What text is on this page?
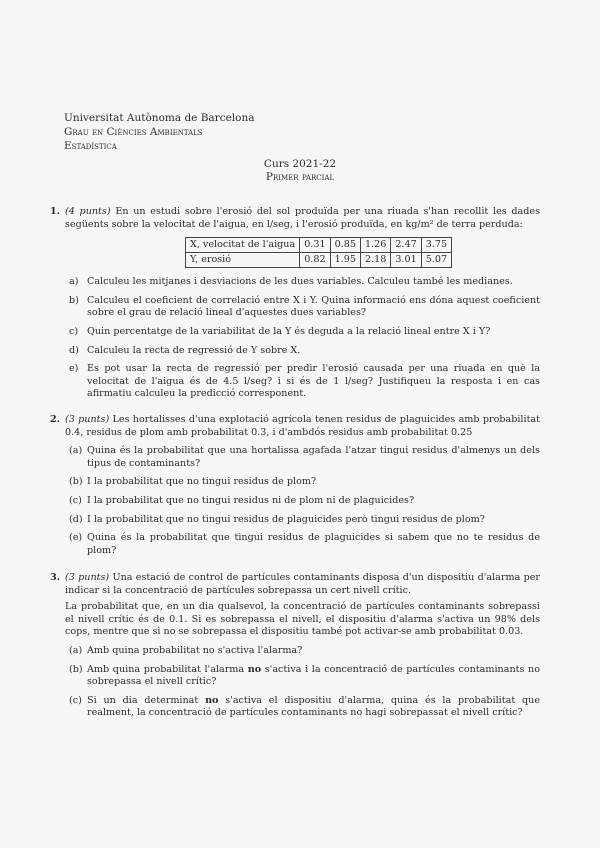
Universitat Autònoma de Barcelona
Grau en Ciències Ambientals
Estadística
Curs 2021-22
Primer parcial
1. (4 punts) En un estudi sobre l'erosió del sol produïda per una riuada s'han recollit les dades següents sobre la velocitat de l'aigua, en l/seg, i l'erosió produïda, en kg/m² de terra perduda:

X, velocitat de l'aigua	0.31	0.85	1.26	2.47	3.75
Y, erosió	0.82	1.95	2.18	3.01	5.07
a) Calculeu les mitjanes i desviacions de les dues variables. Calculeu també les medianes.
b) Calculeu el coeficient de correlació entre X i Y. Quina informació ens dóna aquest coeficient sobre el grau de relació lineal d'aquestes dues variables?
c) Quin percentatge de la variabilitat de la Y és deguda a la relació lineal entre X i Y?
d) Calculeu la recta de regressió de Y sobre X.
e) Es pot usar la recta de regressió per predir l'erosió causada per una riuada en què la velocitat de l'aigua és de 4.5 l/seg? i si és de 1 l/seg? Justifiqueu la resposta i en cas afirmatiu calculeu la predicció corresponent.
2. (3 punts) Les hortalisses d'una explotació agrícola tenen residus de plaguicides amb probabilitat 0.4, residus de plom amb probabilitat 0.3, i d'ambdós residus amb probabilitat 0.25

(a) Quina és la probabilitat que una hortalissa agafada l'atzar tingui residus d'almenys un dels tipus de contaminants?
(b) I la probabilitat que no tingui residus de plom?
(c) I la probabilitat que no tingui residus ni de plom ni de plaguicides?
(d) I la probabilitat que no tingui residus de plaguicides però tingui residus de plom?
(e) Quina és la probabilitat que tingui residus de plaguicides si sabem que no te residus de plom?
3. (3 punts) Una estació de control de partícules contaminants disposa d'un dispositiu d'alarma per indicar si la concentració de partícules sobrepassa un cert nivell crític.

La probabilitat que, en un dia qualsevol, la concentració de partícules contaminants sobrepassi el nivell crític és de 0.1. Si es sobrepassa el nivell, el dispositiu d'alarma s'activa un 98% dels cops, mentre que si no se sobrepassa el dispositiu també pot activar-se amb probabilitat 0.03.

(a) Amb quina probabilitat no s'activa l'alarma?
(b) Amb quina probabilitat l'alarma no s'activa i la concentració de partícules contaminants no sobrepassa el nivell crític?
(c) Si un dia determinat no s'activa el dispositiu d'alarma, quina és la probabilitat que realment, la concentració de partícules contaminants no hagi sobrepassat el nivell crític?
